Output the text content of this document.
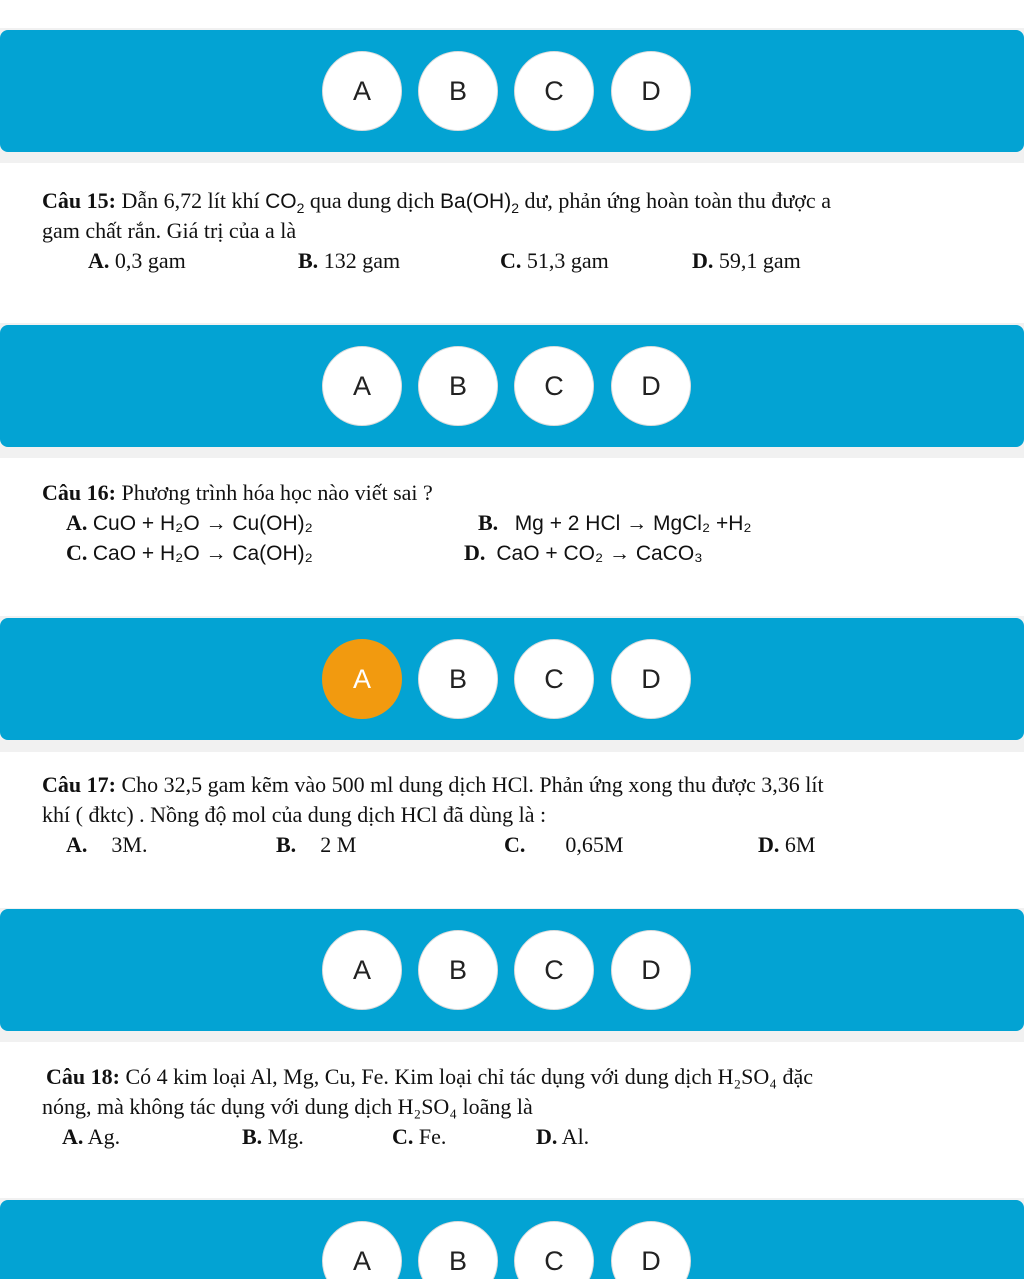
A	B	C	D
Câu 15: Dẫn 6,72 lít khí $CO_2$ qua dung dịch $Ba(OH)_2$ dư, phản ứng hoàn toàn thu được a
gam chất rắn. Giá trị của a là
A. 0,3 gam	B. 132 gam	C. 51,3 gam	D. 59,1 gam
A	B	C	D
Câu 16: Phương trình hóa học nào viết sai ?
A. CuO + H₂O → Cu(OH)₂	B. Mg + 2 HCl → MgCl₂ +H₂
C. CaO + H₂O → Ca(OH)₂	D. CaO + CO₂ → CaCO₃
A	B	C	D
Câu 17: Cho 32,5 gam kẽm vào 500 ml dung dịch HCl. Phản ứng xong thu được 3,36 lít
khí ( đktc) . Nồng độ mol của dung dịch HCl đã dùng là :
A. 3M.	B. 2 M	C. 0,65M	D. 6M
A	B	C	D
Câu 18: Có 4 kim loại Al, Mg, Cu, Fe. Kim loại chỉ tác dụng với dung dịch H₂SO₄ đặc
nóng, mà không tác dụng với dung dịch H₂SO₄ loãng là
A. Ag.	B. Mg.	C. Fe.	D. Al.
A	B	C	D
